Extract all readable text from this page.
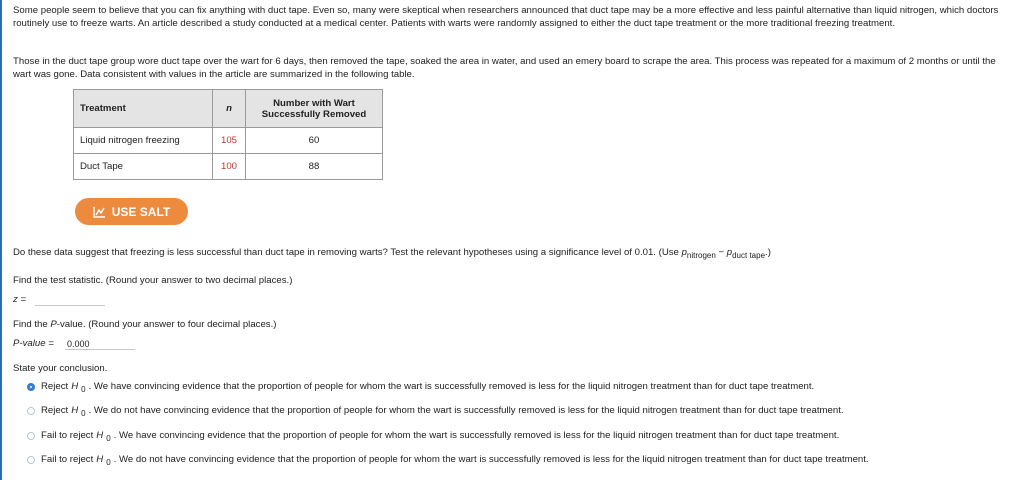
Some people seem to believe that you can fix anything with duct tape. Even so, many were skeptical when researchers announced that duct tape may be a more effective and less painful alternative than liquid nitrogen, which doctors routinely use to freeze warts. An article described a study conducted at a medical center. Patients with warts were randomly assigned to either the duct tape treatment or the more traditional freezing treatment.
Those in the duct tape group wore duct tape over the wart for 6 days, then removed the tape, soaked the area in water, and used an emery board to scrape the area. This process was repeated for a maximum of 2 months or until the wart was gone. Data consistent with values in the article are summarized in the following table.
Treatment	n	Number with Wart Successfully Removed
Liquid nitrogen freezing	105	60
Duct Tape	100	88
USE SALT
Do these data suggest that freezing is less successful than duct tape in removing warts? Test the relevant hypotheses using a significance level of 0.01. (Use $p_{nitrogen} - p_{duct tape}$.)
Find the test statistic. (Round your answer to two decimal places.)
z =
Find the P-value. (Round your answer to four decimal places.)
P-value =
0.000
State your conclusion.
Reject H 0 . We have convincing evidence that the proportion of people for whom the wart is successfully removed is less for the liquid nitrogen treatment than for duct tape treatment.
Reject H 0 . We do not have convincing evidence that the proportion of people for whom the wart is successfully removed is less for the liquid nitrogen treatment than for duct tape treatment.
Fail to reject H 0 . We have convincing evidence that the proportion of people for whom the wart is successfully removed is less for the liquid nitrogen treatment than for duct tape treatment.
Fail to reject H 0 . We do not have convincing evidence that the proportion of people for whom the wart is successfully removed is less for the liquid nitrogen treatment than for duct tape treatment.
